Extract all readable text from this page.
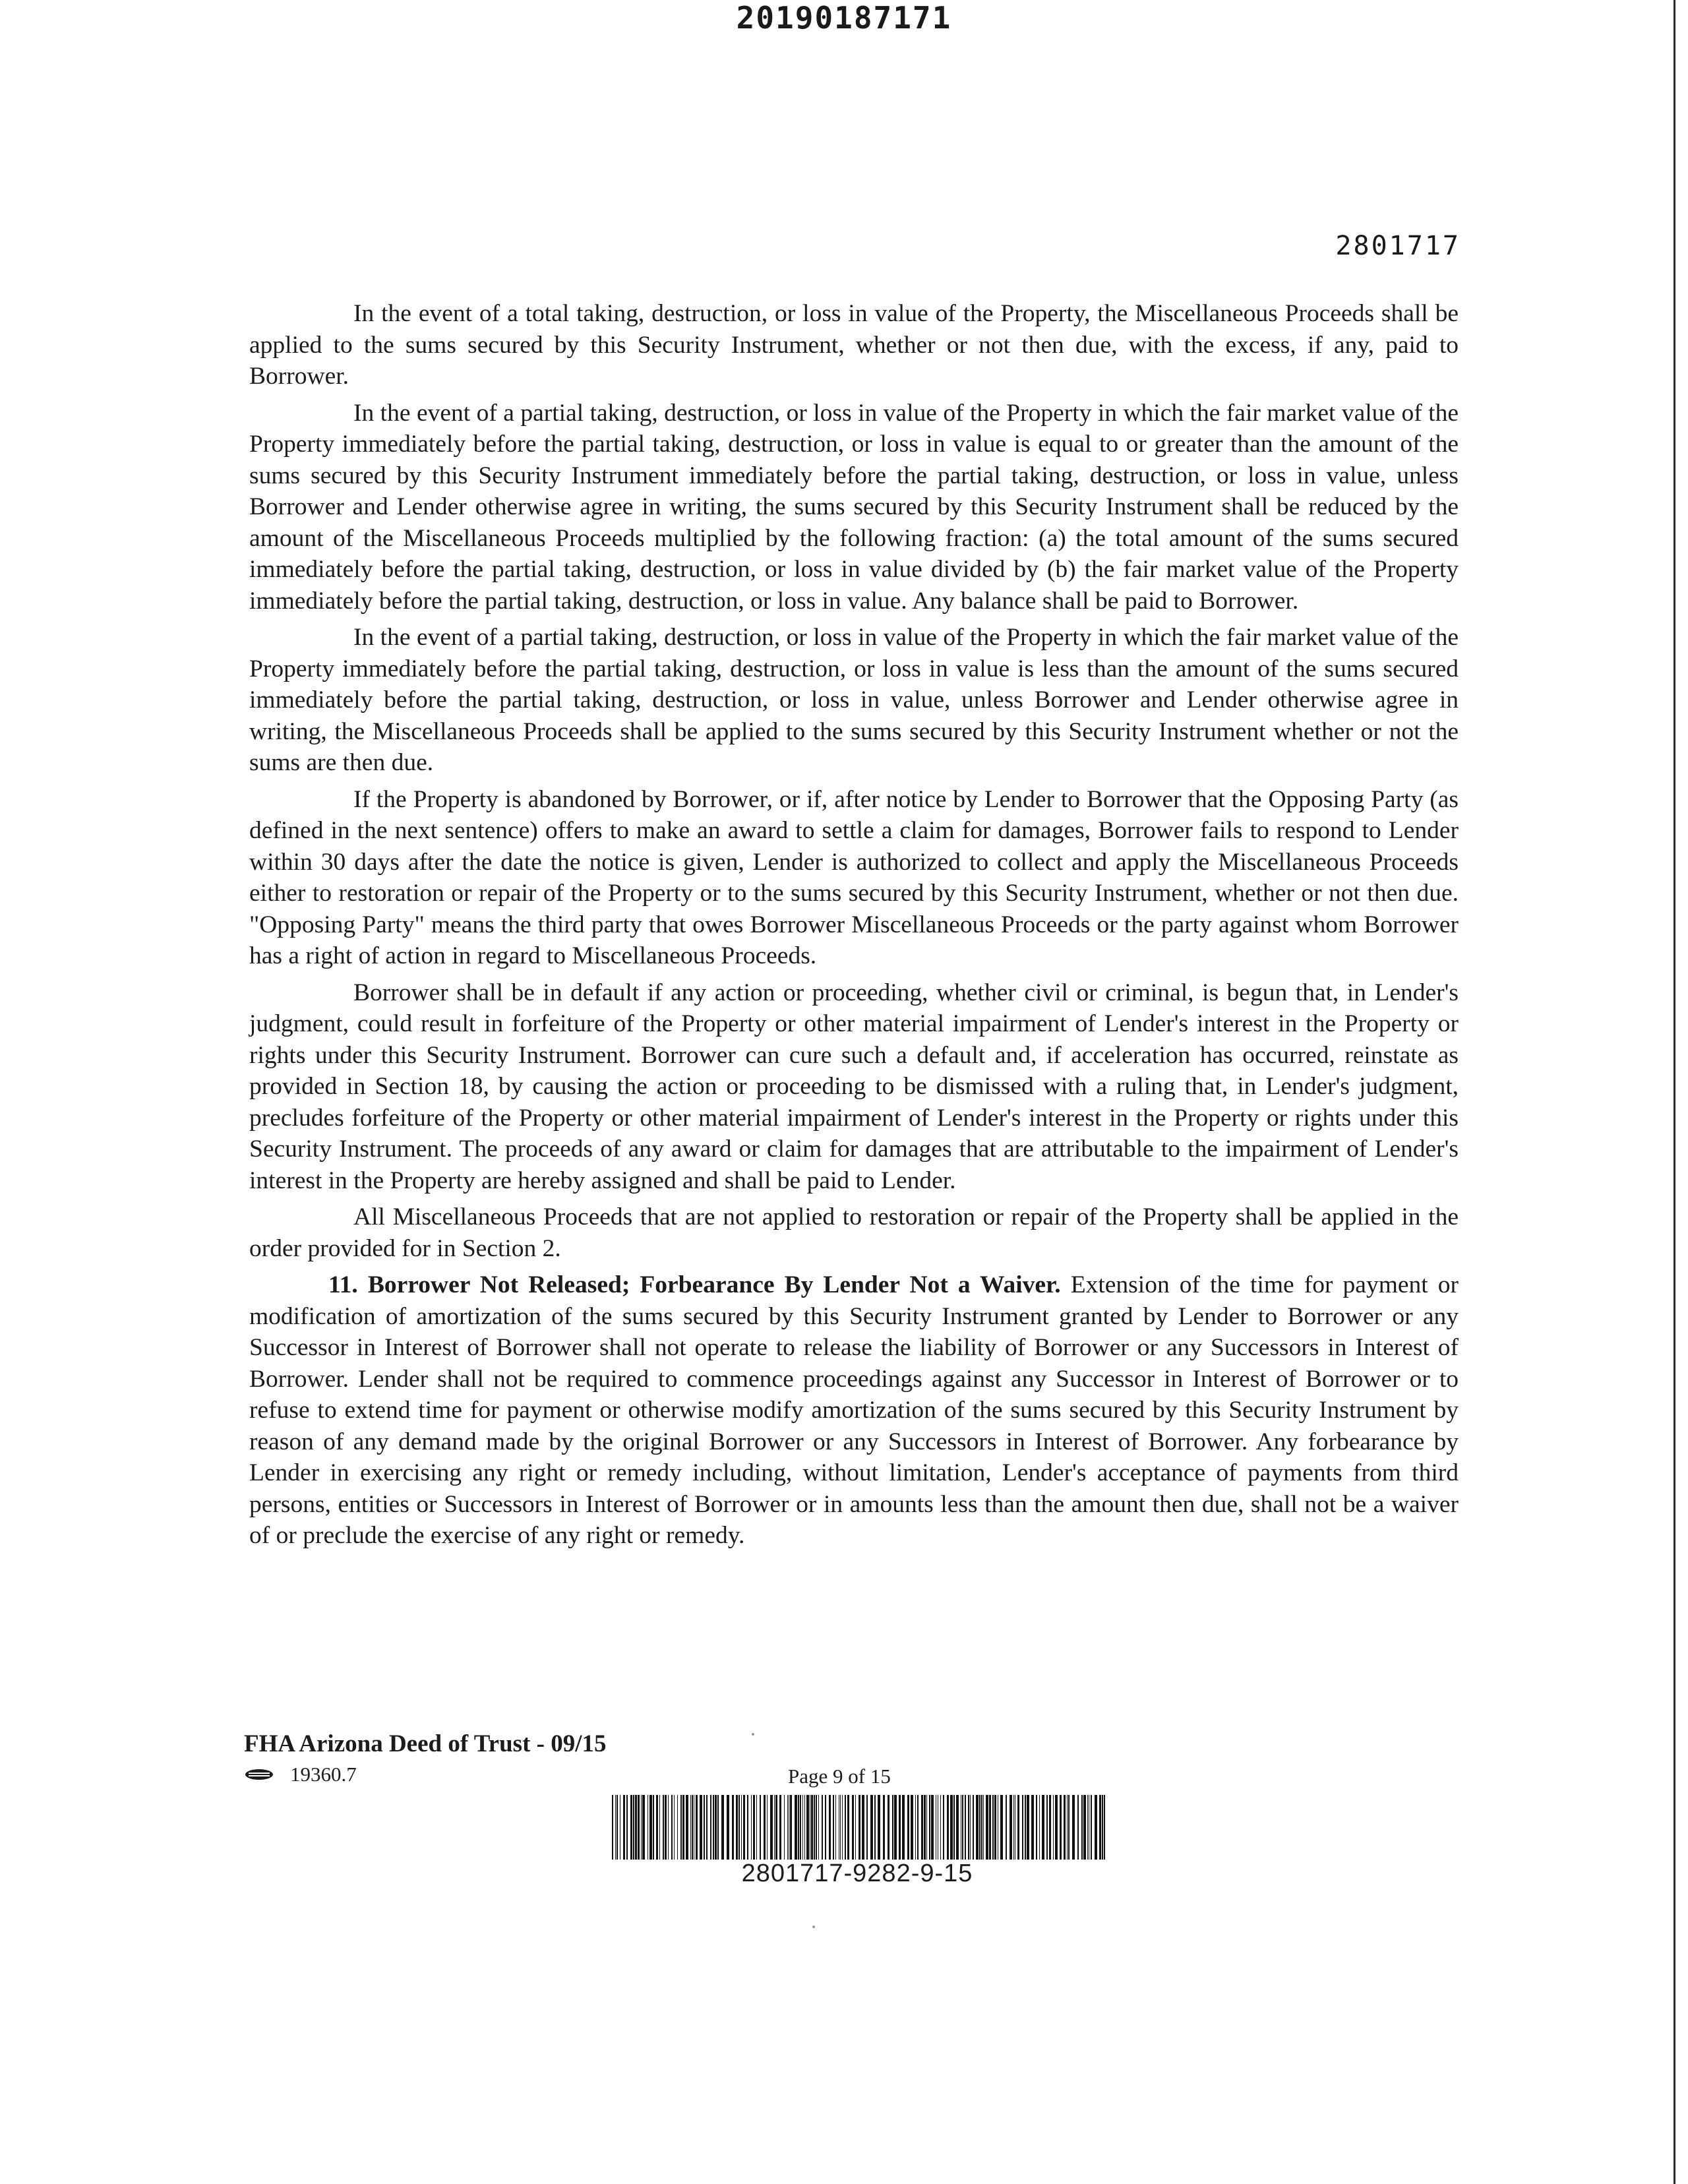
20190187171
2801717

In the event of a total taking, destruction, or loss in value of the Property, the Miscellaneous Proceeds shall be applied to the sums secured by this Security Instrument, whether or not then due, with the excess, if any, paid to Borrower.

In the event of a partial taking, destruction, or loss in value of the Property in which the fair market value of the Property immediately before the partial taking, destruction, or loss in value is equal to or greater than the amount of the sums secured by this Security Instrument immediately before the partial taking, destruction, or loss in value, unless Borrower and Lender otherwise agree in writing, the sums secured by this Security Instrument shall be reduced by the amount of the Miscellaneous Proceeds multiplied by the following fraction: (a) the total amount of the sums secured immediately before the partial taking, destruction, or loss in value divided by (b) the fair market value of the Property immediately before the partial taking, destruction, or loss in value. Any balance shall be paid to Borrower.

In the event of a partial taking, destruction, or loss in value of the Property in which the fair market value of the Property immediately before the partial taking, destruction, or loss in value is less than the amount of the sums secured immediately before the partial taking, destruction, or loss in value, unless Borrower and Lender otherwise agree in writing, the Miscellaneous Proceeds shall be applied to the sums secured by this Security Instrument whether or not the sums are then due.

If the Property is abandoned by Borrower, or if, after notice by Lender to Borrower that the Opposing Party (as defined in the next sentence) offers to make an award to settle a claim for damages, Borrower fails to respond to Lender within 30 days after the date the notice is given, Lender is authorized to collect and apply the Miscellaneous Proceeds either to restoration or repair of the Property or to the sums secured by this Security Instrument, whether or not then due. "Opposing Party" means the third party that owes Borrower Miscellaneous Proceeds or the party against whom Borrower has a right of action in regard to Miscellaneous Proceeds.

Borrower shall be in default if any action or proceeding, whether civil or criminal, is begun that, in Lender's judgment, could result in forfeiture of the Property or other material impairment of Lender's interest in the Property or rights under this Security Instrument. Borrower can cure such a default and, if acceleration has occurred, reinstate as provided in Section 18, by causing the action or proceeding to be dismissed with a ruling that, in Lender's judgment, precludes forfeiture of the Property or other material impairment of Lender's interest in the Property or rights under this Security Instrument. The proceeds of any award or claim for damages that are attributable to the impairment of Lender's interest in the Property are hereby assigned and shall be paid to Lender.

All Miscellaneous Proceeds that are not applied to restoration or repair of the Property shall be applied in the order provided for in Section 2.

11. Borrower Not Released; Forbearance By Lender Not a Waiver. Extension of the time for payment or modification of amortization of the sums secured by this Security Instrument granted by Lender to Borrower or any Successor in Interest of Borrower shall not operate to release the liability of Borrower or any Successors in Interest of Borrower. Lender shall not be required to commence proceedings against any Successor in Interest of Borrower or to refuse to extend time for payment or otherwise modify amortization of the sums secured by this Security Instrument by reason of any demand made by the original Borrower or any Successors in Interest of Borrower. Any forbearance by Lender in exercising any right or remedy including, without limitation, Lender's acceptance of payments from third persons, entities or Successors in Interest of Borrower or in amounts less than the amount then due, shall not be a waiver of or preclude the exercise of any right or remedy.

FHA Arizona Deed of Trust - 09/15
19360.7	Page 9 of 15
2801717-9282-9-15
